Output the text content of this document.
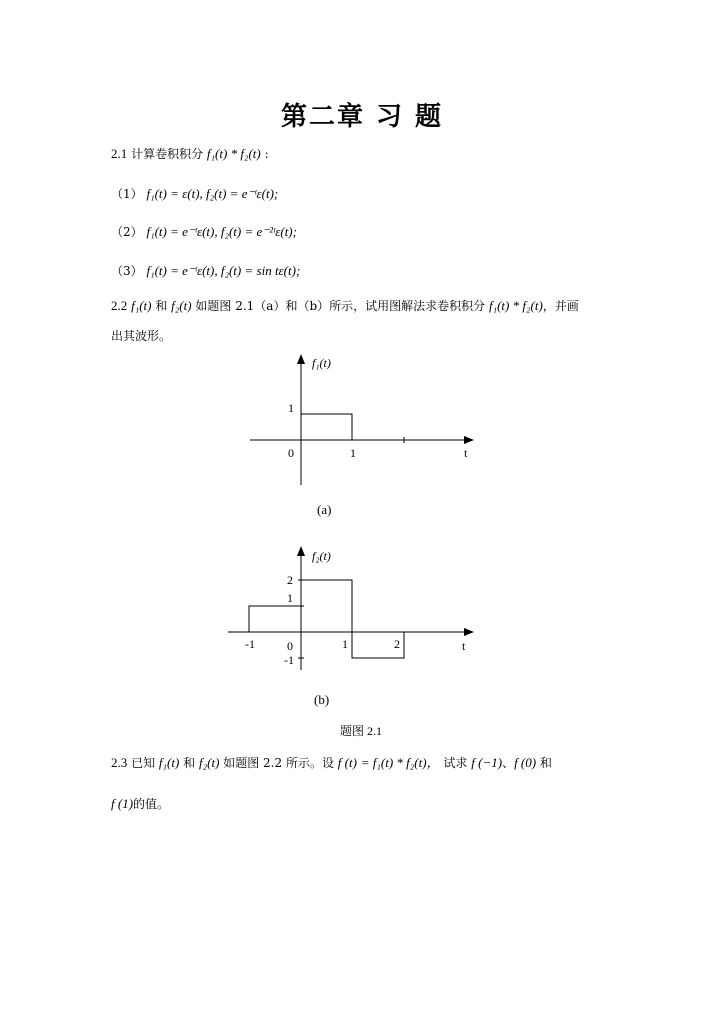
第二章 习 题
2.1 计算卷积积分 f₁(t) * f₂(t) :
（1） f₁(t) = ε(t), f₂(t) = e⁻ᵗε(t);
（2） f₁(t) = e⁻ᵗε(t), f₂(t) = e⁻²ᵗε(t);
（3） f₁(t) = e⁻ᵗε(t), f₂(t) = sin tε(t);
2.2 f₁(t) 和 f₂(t) 如题图 2.1（a）和（b）所示，试用图解法求卷积积分 f₁(t) * f₂(t)，并画
出其波形。
f₁(t)
1
0	1	t
(a)
f₂(t)
2
1
-1
-1	0	1	2	t
(b)
题图 2.1
2.3 已知 f₁(t) 和 f₂(t) 如题图 2.2 所示。设 f (t) = f₁(t) * f₂(t)， 试求 f (−1)、f (0) 和
f (1)的值。
